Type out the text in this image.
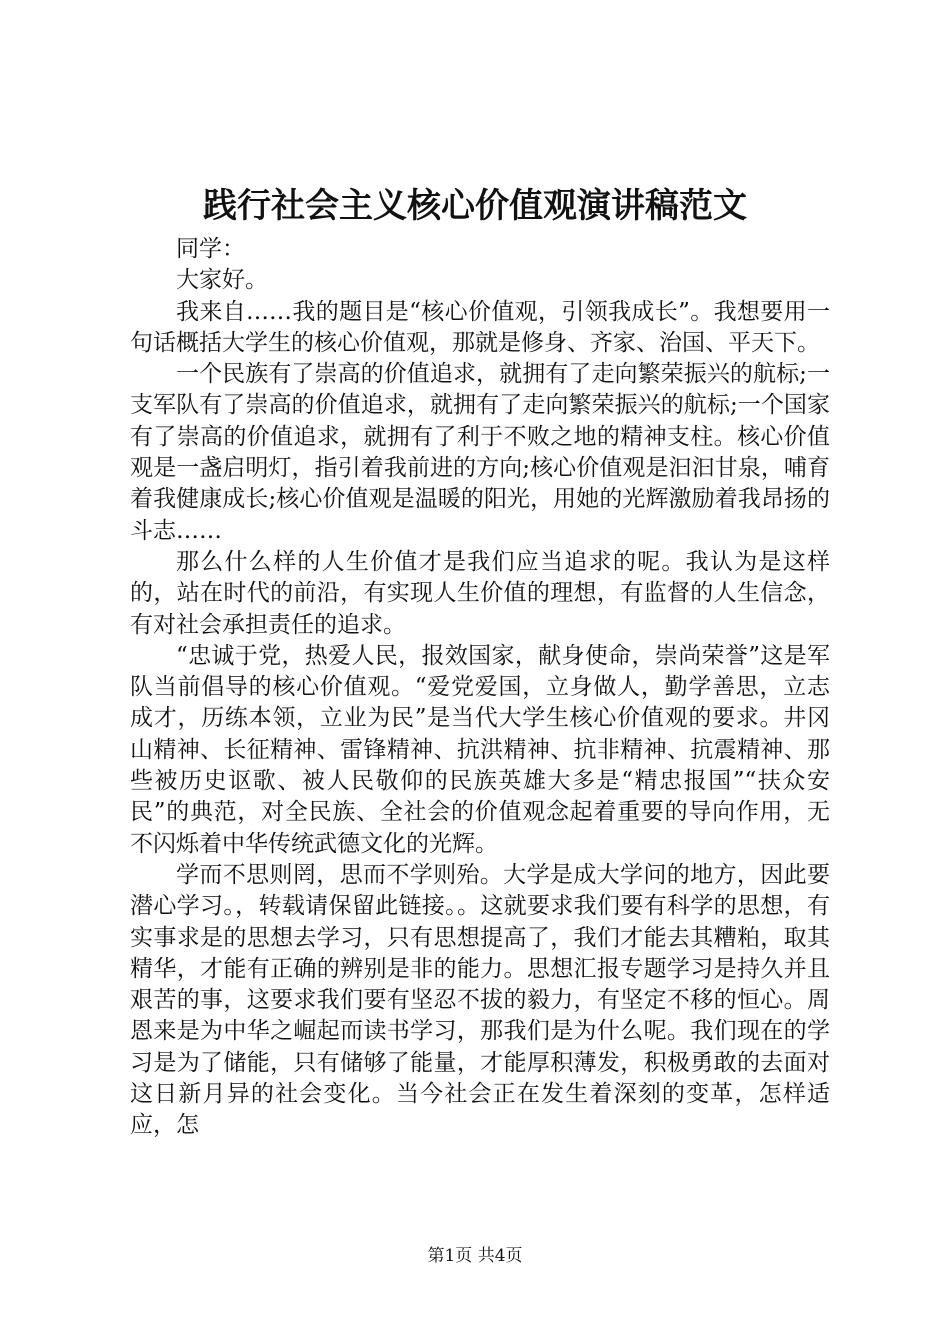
践行社会主义核心价值观演讲稿范文

同学：

大家好。

我来自……我的题目是“核心价值观，引领我成长”。我想要用一句话概括大学生的核心价值观，那就是修身、齐家、治国、平天下。

一个民族有了崇高的价值追求，就拥有了走向繁荣振兴的航标;一支军队有了崇高的价值追求，就拥有了走向繁荣振兴的航标;一个国家有了崇高的价值追求，就拥有了利于不败之地的精神支柱。核心价值观是一盏启明灯，指引着我前进的方向;核心价值观是汩汩甘泉，哺育着我健康成长;核心价值观是温暖的阳光，用她的光辉激励着我昂扬的斗志……

那么什么样的人生价值才是我们应当追求的呢。我认为是这样的，站在时代的前沿，有实现人生价值的理想，有监督的人生信念，有对社会承担责任的追求。

“忠诚于党，热爱人民，报效国家，献身使命，崇尚荣誉”这是军队当前倡导的核心价值观。“爱党爱国，立身做人，勤学善思，立志成才，历练本领，立业为民”是当代大学生核心价值观的要求。井冈山精神、长征精神、雷锋精神、抗洪精神、抗非精神、抗震精神、那些被历史讴歌、被人民敬仰的民族英雄大多是“精忠报国”“扶众安民”的典范，对全民族、全社会的价值观念起着重要的导向作用，无不闪烁着中华传统武德文化的光辉。

学而不思则罔，思而不学则殆。大学是成大学问的地方，因此要潜心学习。，转载请保留此链接。。这就要求我们要有科学的思想，有实事求是的思想去学习，只有思想提高了，我们才能去其糟粕，取其精华，才能有正确的辨别是非的能力。思想汇报专题学习是持久并且艰苦的事，这要求我们要有坚忍不拔的毅力，有坚定不移的恒心。周恩来是为中华之崛起而读书学习，那我们是为什么呢。我们现在的学习是为了储能，只有储够了能量，才能厚积薄发，积极勇敢的去面对这日新月异的社会变化。当今社会正在发生着深刻的变革，怎样适应，怎

第1页 共4页
